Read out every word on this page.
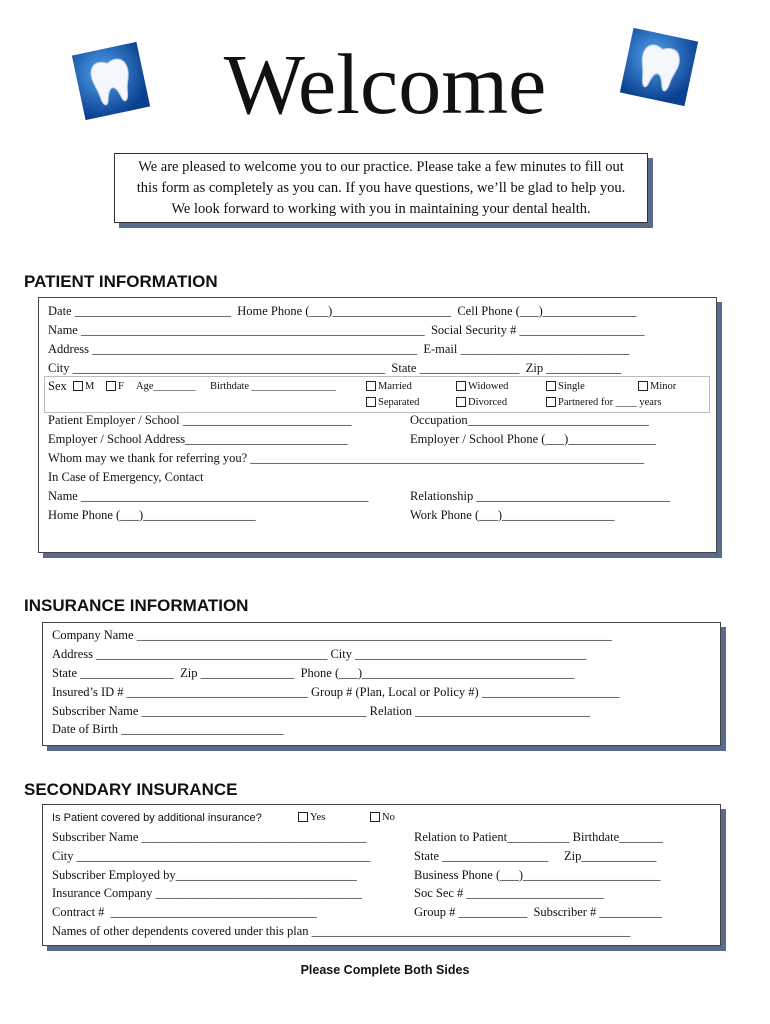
Welcome
We are pleased to welcome you to our practice. Please take a few minutes to fill out
this form as completely as you can. If you have questions, we’ll be glad to help you.
We look forward to working with you in maintaining your dental health.
PATIENT INFORMATION
Date _________________________  Home Phone (___)___________________  Cell Phone (___)_______________
Name _______________________________________________________  Social Security # ____________________
Address ____________________________________________________  E-mail ___________________________
City __________________________________________________  State ________________  Zip ____________
Sex	M	F Age________ Birthdate ________________	Married	Widowed	Single	Minor
Separated	Divorced	Partnered for ____ years
Patient Employer / School ___________________________	Occupation_____________________________
Employer / School Address__________________________	Employer / School Phone (___)______________
Whom may we thank for referring you? _______________________________________________________________
In Case of Emergency, Contact
Name ______________________________________________	Relationship _______________________________
Home Phone (___)__________________	Work Phone (___)__________________
INSURANCE INFORMATION
Company Name ____________________________________________________________________________
Address _____________________________________ City _____________________________________
State _______________  Zip _______________  Phone (___)__________________________________
Insured’s ID # _____________________________ Group # (Plan, Local or Policy #) ______________________
Subscriber Name ____________________________________ Relation ____________________________
Date of Birth __________________________
SECONDARY INSURANCE
Is Patient covered by additional insurance?	Yes	No
Subscriber Name ____________________________________	Relation to Patient__________ Birthdate_______
City _______________________________________________	State _________________     Zip____________
Subscriber Employed by_____________________________	Business Phone (___)______________________
Insurance Company _________________________________	Soc Sec # ______________________
Contract #  _________________________________	Group # ___________  Subscriber # __________
Names of other dependents covered under this plan ___________________________________________________
Please Complete Both Sides
